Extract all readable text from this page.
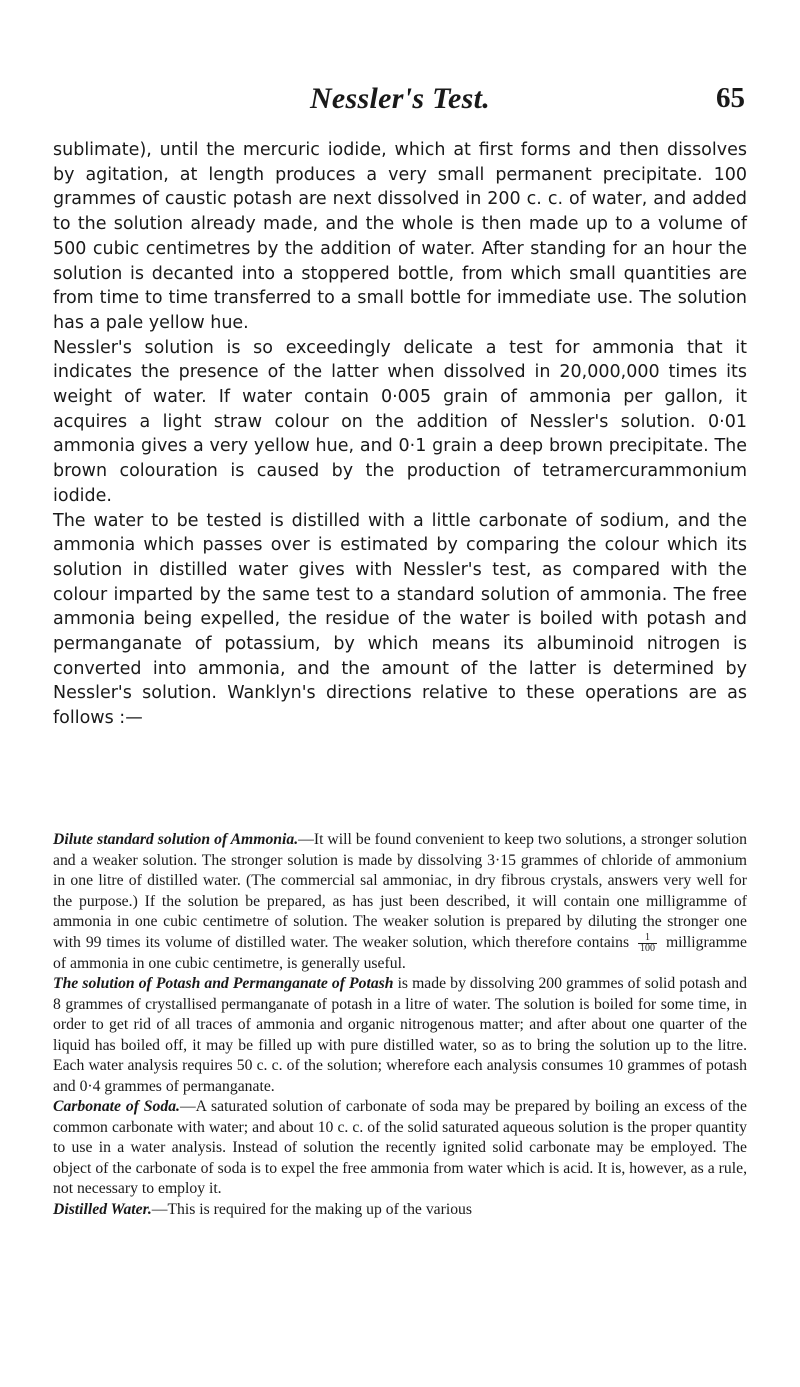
Nessler's Test.	65

sublimate), until the mercuric iodide, which at first forms and then dissolves by agitation, at length produces a very small permanent precipitate. 100 grammes of caustic potash are next dissolved in 200 c. c. of water, and added to the solution already made, and the whole is then made up to a volume of 500 cubic centimetres by the addition of water. After standing for an hour the solution is decanted into a stoppered bottle, from which small quantities are from time to time transferred to a small bottle for immediate use. The solution has a pale yellow hue.

Nessler's solution is so exceedingly delicate a test for ammonia that it indicates the presence of the latter when dissolved in 20,000,000 times its weight of water. If water contain 0·005 grain of ammonia per gallon, it acquires a light straw colour on the addition of Nessler's solution. 0·01 ammonia gives a very yellow hue, and 0·1 grain a deep brown precipitate. The brown colouration is caused by the production of tetramercurammonium iodide.

The water to be tested is distilled with a little carbonate of sodium, and the ammonia which passes over is estimated by comparing the colour which its solution in distilled water gives with Nessler's test, as compared with the colour imparted by the same test to a standard solution of ammonia. The free ammonia being expelled, the residue of the water is boiled with potash and permanganate of potassium, by which means its albuminoid nitrogen is converted into ammonia, and the amount of the latter is determined by Nessler's solution. Wanklyn's directions relative to these operations are as follows :—

Dilute standard solution of Ammonia.—It will be found convenient to keep two solutions, a stronger solution and a weaker solution. The stronger solution is made by dissolving 3·15 grammes of chloride of ammonium in one litre of distilled water. (The commercial sal ammoniac, in dry fibrous crystals, answers very well for the purpose.) If the solution be prepared, as has just been described, it will contain one milligramme of ammonia in one cubic centimetre of solution. The weaker solution is prepared by diluting the stronger one with 99 times its volume of distilled water. The weaker solution, which therefore contains $\frac{1}{100}$ milligramme of ammonia in one cubic centimetre, is generally useful.

The solution of Potash and Permanganate of Potash is made by dissolving 200 grammes of solid potash and 8 grammes of crystallised permanganate of potash in a litre of water. The solution is boiled for some time, in order to get rid of all traces of ammonia and organic nitrogenous matter; and after about one quarter of the liquid has boiled off, it may be filled up with pure distilled water, so as to bring the solution up to the litre. Each water analysis requires 50 c. c. of the solution; wherefore each analysis consumes 10 grammes of potash and 0·4 grammes of permanganate.

Carbonate of Soda.—A saturated solution of carbonate of soda may be prepared by boiling an excess of the common carbonate with water; and about 10 c. c. of the solid saturated aqueous solution is the proper quantity to use in a water analysis. Instead of solution the recently ignited solid carbonate may be employed. The object of the carbonate of soda is to expel the free ammonia from water which is acid. It is, however, as a rule, not necessary to employ it.

Distilled Water.—This is required for the making up of the various
